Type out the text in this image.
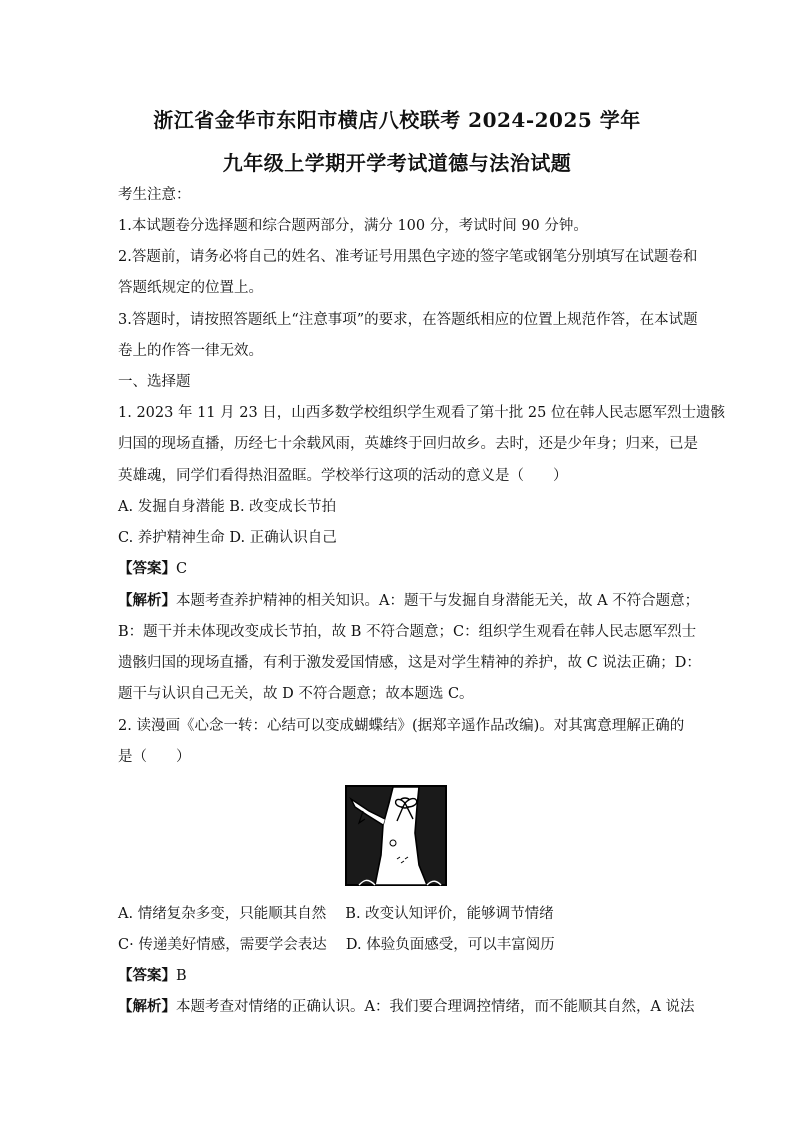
浙江省金华市东阳市横店八校联考 2024-2025 学年
九年级上学期开学考试道德与法治试题
考生注意：
1.本试题卷分选择题和综合题两部分，满分 100 分，考试时间 90 分钟。
2.答题前，请务必将自己的姓名、准考证号用黑色字迹的签字笔或钢笔分别填写在试题卷和
答题纸规定的位置上。
3.答题时，请按照答题纸上“注意事项”的要求，在答题纸相应的位置上规范作答，在本试题
卷上的作答一律无效。
一、选择题
1. 2023 年 11 月 23 日，山西多数学校组织学生观看了第十批 25 位在韩人民志愿军烈士遗骸
归国的现场直播，历经七十余载风雨，英雄终于回归故乡。去时，还是少年身；归来，已是
英雄魂，同学们看得热泪盈眶。学校举行这项的活动的意义是（　　）
A. 发掘自身潜能 B. 改变成长节拍
C. 养护精神生命 D. 正确认识自己
【答案】C
【解析】本题考查养护精神的相关知识。A：题干与发掘自身潜能无关，故 A 不符合题意；
B：题干并未体现改变成长节拍，故 B 不符合题意；C：组织学生观看在韩人民志愿军烈士
遗骸归国的现场直播，有利于激发爱国情感，这是对学生精神的养护，故 C 说法正确；D：
题干与认识自己无关，故 D 不符合题意；故本题选 C。
2. 读漫画《心念一转：心结可以变成蝴蝶结》(据郑辛遥作品改编)。对其寓意理解正确的
是（　　）
A. 情绪复杂多变，只能顺其自然　 B. 改变认知评价，能够调节情绪
C· 传递美好情感，需要学会表达　 D. 体验负面感受，可以丰富阅历
【答案】B
【解析】本题考查对情绪的正确认识。A：我们要合理调控情绪，而不能顺其自然，A 说法
